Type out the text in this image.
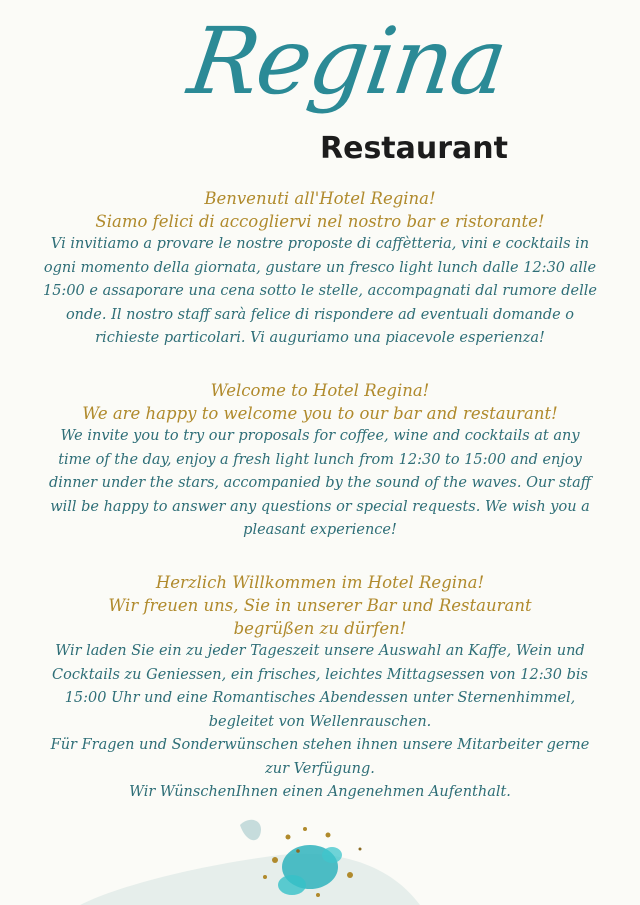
Regina
Restaurant
Benvenuti all'Hotel Regina!
Siamo felici di accogliervi nel nostro bar e ristorante!
Vi invitiamo a provare le nostre proposte di caffètteria, vini e cocktails in
ogni momento della giornata, gustare un fresco light lunch dalle 12:30 alle
15:00 e assaporare una cena sotto le stelle, accompagnati dal rumore delle
onde. Il nostro staff sarà felice di rispondere ad eventuali domande o
richieste particolari. Vi auguriamo una piacevole esperienza!
Welcome to Hotel Regina!
We are happy to welcome you to our bar and restaurant!
We invite you to try our proposals for coffee, wine and cocktails at any
time of the day, enjoy a fresh light lunch from 12:30 to 15:00 and enjoy
dinner under the stars, accompanied by the sound of the waves. Our staff
will be happy to answer any questions or special requests. We wish you a
pleasant experience!
Herzlich Willkommen im Hotel Regina!
Wir freuen uns, Sie in unserer Bar und Restaurant
begrüßen zu dürfen!
Wir laden Sie ein zu jeder Tageszeit unsere Auswahl an Kaffe, Wein und
Cocktails zu Geniessen, ein frisches, leichtes Mittagsessen von 12:30 bis
15:00 Uhr und eine Romantisches Abendessen unter Sternenhimmel,
begleitet von Wellenrauschen.
Für Fragen und Sonderwünschen stehen ihnen unsere Mitarbeiter gerne
zur Verfügung.
Wir WünschenIhnen einen Angenehmen Aufenthalt.
